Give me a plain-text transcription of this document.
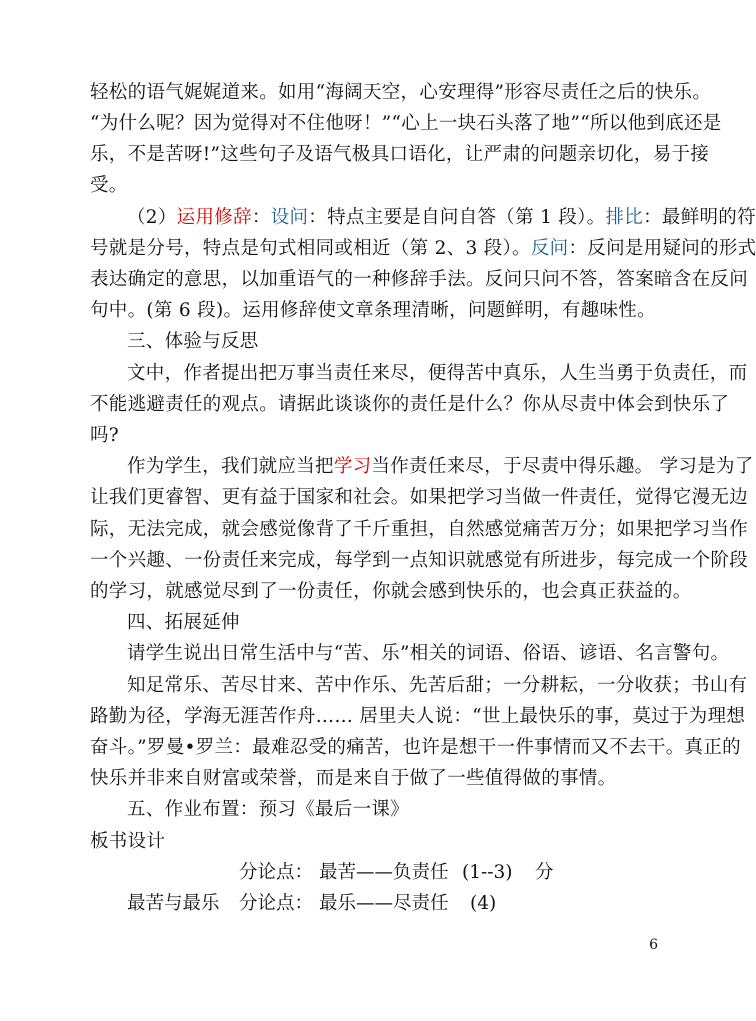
轻松的语气娓娓道来。如用“海阔天空，心安理得”形容尽责任之后的快乐。
“为什么呢？因为觉得对不住他呀！”“心上一块石头落了地”“所以他到底还是
乐，不是苦呀!”这些句子及语气极具口语化，让严肃的问题亲切化，易于接
受。
（2）运用修辞：设问：特点主要是自问自答（第 1 段）。排比：最鲜明的符
号就是分号，特点是句式相同或相近（第 2、3 段）。反问：反问是用疑问的形式
表达确定的意思，以加重语气的一种修辞手法。反问只问不答，答案暗含在反问
句中。(第 6 段)。运用修辞使文章条理清晰，问题鲜明，有趣味性。
三、体验与反思
文中，作者提出把万事当责任来尽，便得苦中真乐，人生当勇于负责任，而
不能逃避责任的观点。请据此谈谈你的责任是什么？你从尽责中体会到快乐了
吗?
作为学生，我们就应当把学习当作责任来尽，于尽责中得乐趣。 学习是为了
让我们更睿智、更有益于国家和社会。如果把学习当做一件责任，觉得它漫无边
际，无法完成，就会感觉像背了千斤重担，自然感觉痛苦万分；如果把学习当作
一个兴趣、一份责任来完成，每学到一点知识就感觉有所进步，每完成一个阶段
的学习，就感觉尽到了一份责任，你就会感到快乐的，也会真正获益的。
四、拓展延伸
请学生说出日常生活中与“苦、乐”相关的词语、俗语、谚语、名言警句。
知足常乐、苦尽甘来、苦中作乐、先苦后甜；一分耕耘，一分收获；书山有
路勤为径，学海无涯苦作舟…… 居里夫人说：“世上最快乐的事，莫过于为理想
奋斗。”罗曼•罗兰：最难忍受的痛苦，也许是想干一件事情而又不去干。真正的
快乐并非来自财富或荣誉，而是来自于做了一些值得做的事情。
五、作业布置：预习《最后一课》
板书设计
分论点： 最苦——负责任 (1--3) 分
最苦与最乐 分论点： 最乐——尽责任 (4)
6
